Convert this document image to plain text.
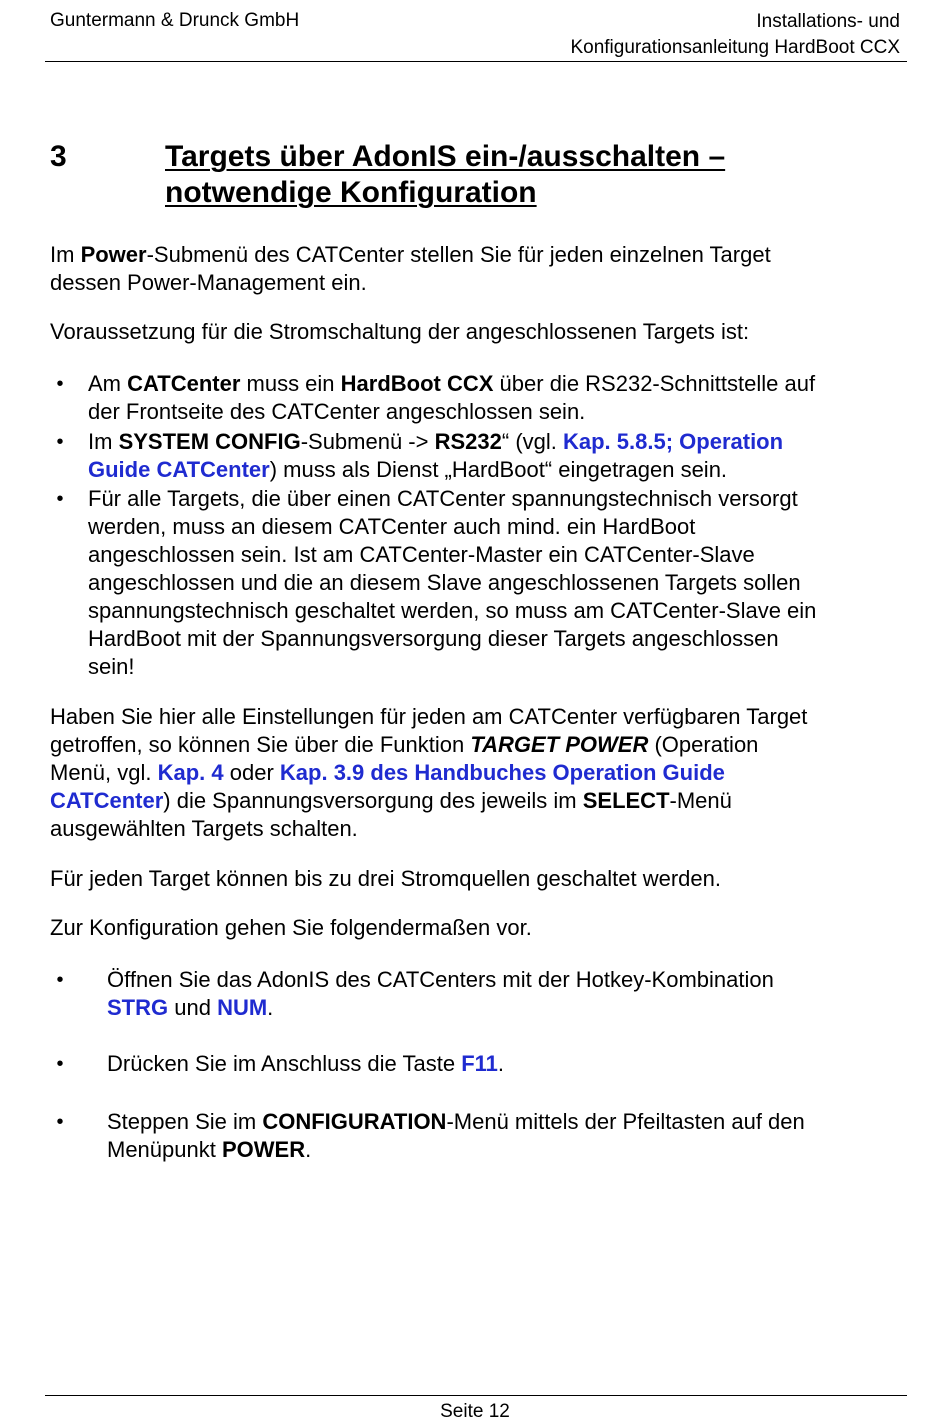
Guntermann & Drunck GmbH	Installations- und
Konfigurationsanleitung HardBoot CCX
3	Targets über AdonIS ein-/ausschalten –
notwendige Konfiguration
Im Power-Submenü des CATCenter stellen Sie für jeden einzelnen Target
dessen Power-Management ein.
Voraussetzung für die Stromschaltung der angeschlossenen Targets ist:
• Am CATCenter muss ein HardBoot CCX über die RS232-Schnittstelle auf
der Frontseite des CATCenter angeschlossen sein.
• Im SYSTEM CONFIG-Submenü -> RS232“ (vgl. Kap. 5.8.5; Operation
Guide CATCenter) muss als Dienst „HardBoot“ eingetragen sein.
• Für alle Targets, die über einen CATCenter spannungstechnisch versorgt
werden, muss an diesem CATCenter auch mind. ein HardBoot
angeschlossen sein. Ist am CATCenter-Master ein CATCenter-Slave
angeschlossen und die an diesem Slave angeschlossenen Targets sollen
spannungstechnisch geschaltet werden, so muss am CATCenter-Slave ein
HardBoot mit der Spannungsversorgung dieser Targets angeschlossen
sein!
Haben Sie hier alle Einstellungen für jeden am CATCenter verfügbaren Target
getroffen, so können Sie über die Funktion TARGET POWER (Operation
Menü, vgl. Kap. 4 oder Kap. 3.9 des Handbuches Operation Guide
CATCenter) die Spannungsversorgung des jeweils im SELECT-Menü
ausgewählten Targets schalten.
Für jeden Target können bis zu drei Stromquellen geschaltet werden.
Zur Konfiguration gehen Sie folgendermaßen vor.
• Öffnen Sie das AdonIS des CATCenters mit der Hotkey-Kombination
STRG und NUM.
• Drücken Sie im Anschluss die Taste F11.
• Steppen Sie im CONFIGURATION-Menü mittels der Pfeiltasten auf den
Menüpunkt POWER.
Seite 12
